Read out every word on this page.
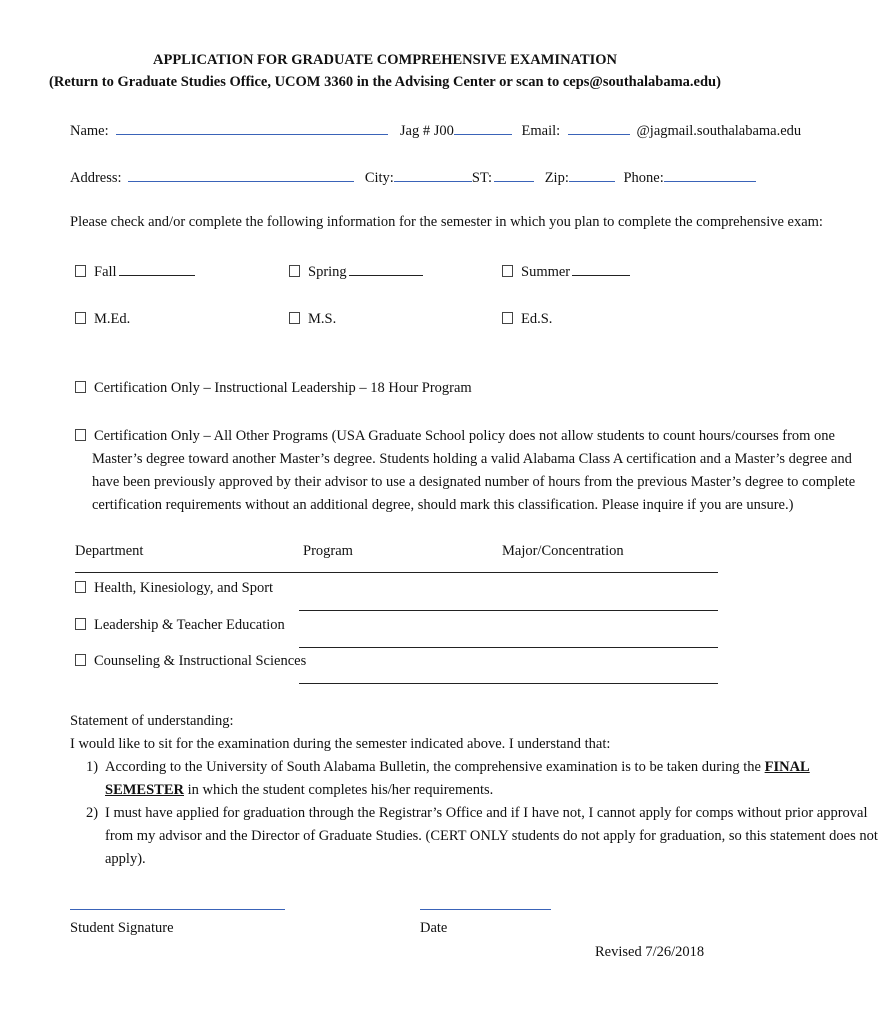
APPLICATION FOR GRADUATE COMPREHENSIVE EXAMINATION
(Return to Graduate Studies Office, UCOM 3360 in the Advising Center or scan to ceps@southalabama.edu)
Name:	Jag # J00	Email:	@jagmail.southalabama.edu
Address:	City:	ST:	Zip:	Phone:
Please check and/or complete the following information for the semester in which you plan to complete the comprehensive exam:
Fall	Spring	Summer
M.Ed.	M.S.	Ed.S.
Certification Only – Instructional Leadership – 18 Hour Program
Certification Only – All Other Programs (USA Graduate School policy does not allow students to count hours/courses from one
Master’s degree toward another Master’s degree. Students holding a valid Alabama Class A certification and a Master’s degree and
have been previously approved by their advisor to use a designated number of hours from the previous Master’s degree to complete
certification requirements without an additional degree, should mark this classification. Please inquire if you are unsure.)
Department	Program	Major/Concentration
Health, Kinesiology, and Sport
Leadership & Teacher Education
Counseling & Instructional Sciences
Statement of understanding:
I would like to sit for the examination during the semester indicated above. I understand that:
1) According to the University of South Alabama Bulletin, the comprehensive examination is to be taken during the FINAL
SEMESTER in which the student completes his/her requirements.
2) I must have applied for graduation through the Registrar’s Office and if I have not, I cannot apply for comps without prior approval
from my advisor and the Director of Graduate Studies. (CERT ONLY students do not apply for graduation, so this statement does not
apply).
Student Signature	Date
Revised 7/26/2018
